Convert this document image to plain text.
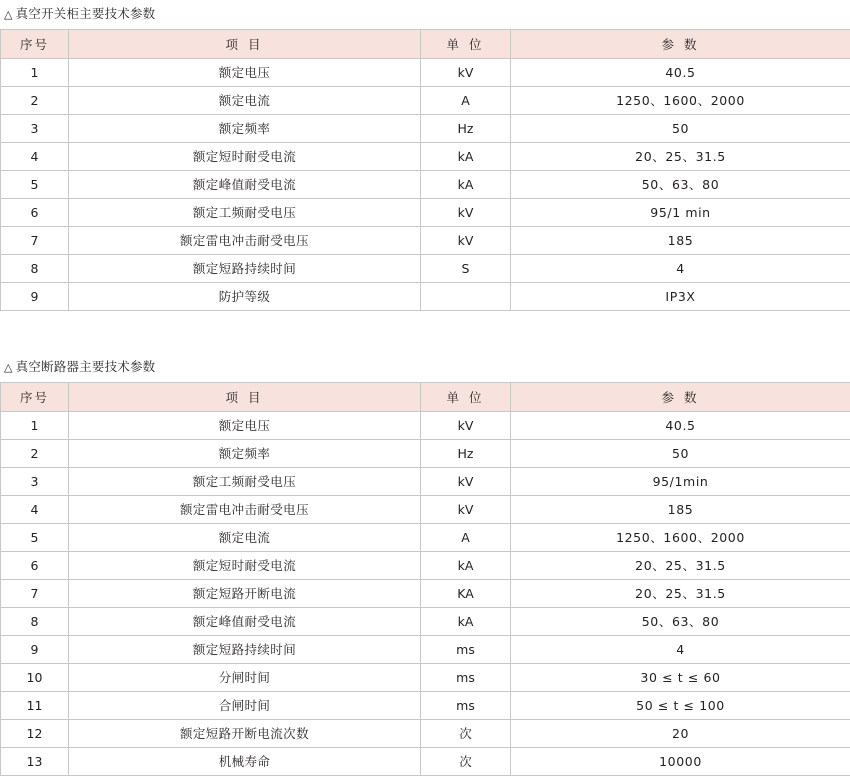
△ 真空开关柜主要技术参数
序号	项 目	单 位	参 数
1	额定电压	kV	40.5
2	额定电流	A	1250、1600、2000
3	额定频率	Hz	50
4	额定短时耐受电流	kA	20、25、31.5
5	额定峰值耐受电流	kA	50、63、80
6	额定工频耐受电压	kV	95/1 min
7	额定雷电冲击耐受电压	kV	185
8	额定短路持续时间	S	4
9	防护等级		IP3X
△ 真空断路器主要技术参数
序号	项 目	单 位	参 数
1	额定电压	kV	40.5
2	额定频率	Hz	50
3	额定工频耐受电压	kV	95/1min
4	额定雷电冲击耐受电压	kV	185
5	额定电流	A	1250、1600、2000
6	额定短时耐受电流	kA	20、25、31.5
7	额定短路开断电流	KA	20、25、31.5
8	额定峰值耐受电流	kA	50、63、80
9	额定短路持续时间	ms	4
10	分闸时间	ms	30 ≤ t ≤ 60
11	合闸时间	ms	50 ≤ t ≤ 100
12	额定短路开断电流次数	次	20
13	机械寿命	次	10000
